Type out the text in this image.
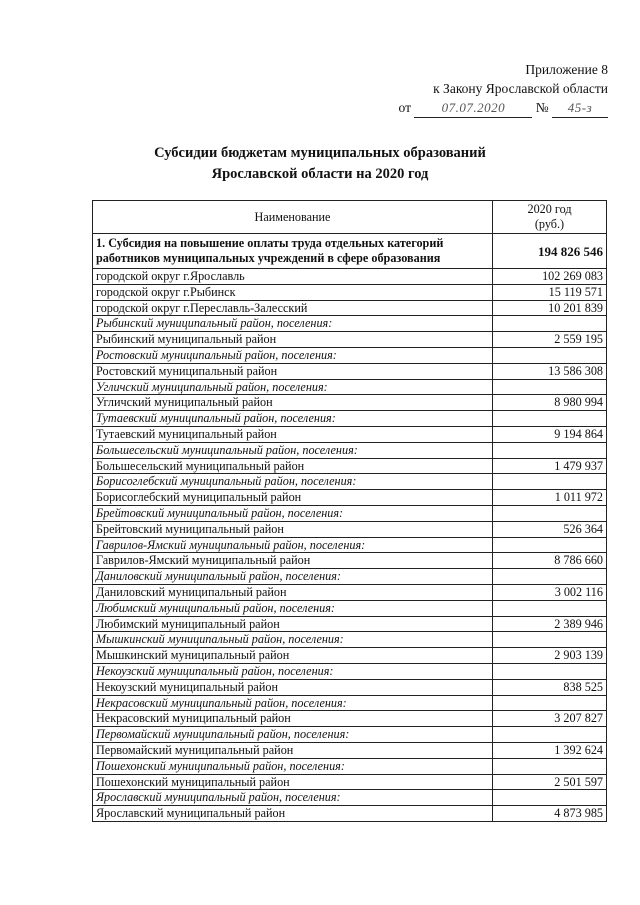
Приложение 8
к Закону Ярославской области
от 07.07.2020 № 45-з
Субсидии бюджетам муниципальных образований
Ярославской области на 2020 год
Наименование	2020 год
(руб.)

1. Субсидия на повышение оплаты труда отдельных категорий работников муниципальных учреждений в сфере образования	194 826 546
городской округ г.Ярославль	102 269 083
городской округ г.Рыбинск	15 119 571
городской округ г.Переславль-Залесский	10 201 839
Рыбинский муниципальный район, поселения:	
Рыбинский муниципальный район	2 559 195
Ростовский муниципальный район, поселения:	
Ростовский муниципальный район	13 586 308
Угличский муниципальный район, поселения:	
Угличский муниципальный район	8 980 994
Тутаевский муниципальный район, поселения:	
Тутаевский муниципальный район	9 194 864
Большесельский муниципальный район, поселения:	
Большесельский муниципальный район	1 479 937
Борисоглебский муниципальный район, поселения:	
Борисоглебский муниципальный район	1 011 972
Брейтовский муниципальный район, поселения:	
Брейтовский муниципальный район	526 364
Гаврилов-Ямский муниципальный район, поселения:	
Гаврилов-Ямский муниципальный район	8 786 660
Даниловский муниципальный район, поселения:	
Даниловский муниципальный район	3 002 116
Любимский муниципальный район, поселения:	
Любимский муниципальный район	2 389 946
Мышкинский муниципальный район, поселения:	
Мышкинский муниципальный район	2 903 139
Некоузский муниципальный район, поселения:	
Некоузский муниципальный район	838 525
Некрасовский муниципальный район, поселения:	
Некрасовский муниципальный район	3 207 827
Первомайский муниципальный район, поселения:	
Первомайский муниципальный район	1 392 624
Пошехонский муниципальный район, поселения:	
Пошехонский муниципальный район	2 501 597
Ярославский муниципальный район, поселения:	
Ярославский муниципальный район	4 873 985
